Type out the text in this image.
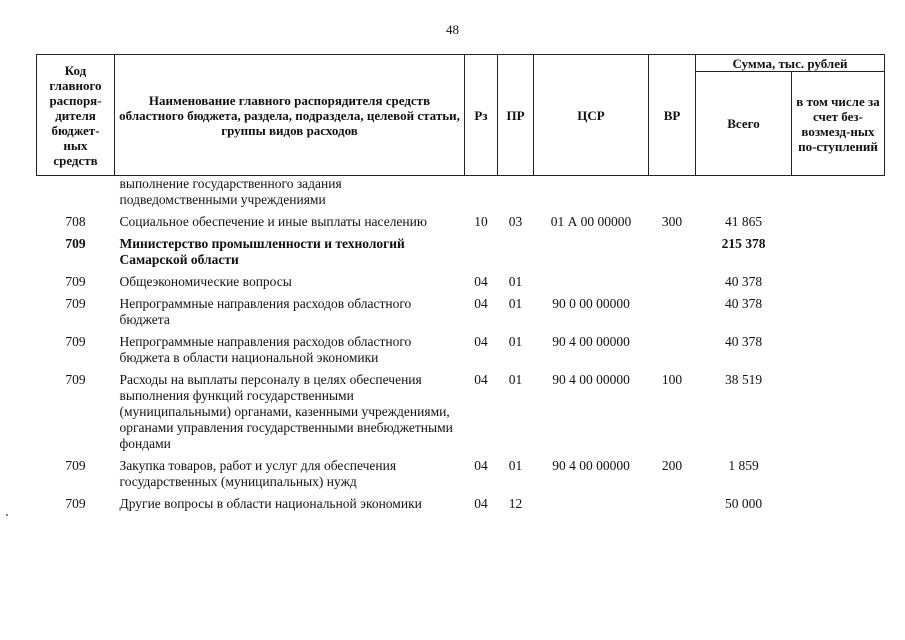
48
Код главного распоря-дителя бюджет-ных средств	Наименование главного распорядителя средств областного бюджета, раздела, подраздела, целевой статьи, группы видов расходов	Рз	ПР	ЦСР	ВР	Сумма, тыс. рублей	
						Всего	в том числе за счет без-возмезд-ных по-ступлений
	выполнение государственного задания подведомственными учреждениями						
708	Социальное обеспечение и иные выплаты населению	10	03	01 А 00 00000	300	41 865	
709	Министерство промышленности и технологий Самарской области					215 378	
709	Общеэкономические вопросы	04	01			40 378	
709	Непрограммные направления расходов областного бюджета	04	01	90 0 00 00000		40 378	
709	Непрограммные направления расходов областного бюджета в области национальной экономики	04	01	90 4 00 00000		40 378	
709	Расходы на выплаты персоналу в целях обеспечения выполнения функций государственными (муниципальными) органами, казенными учреждениями, органами управления государственными внебюджетными фондами	04	01	90 4 00 00000	100	38 519	
709	Закупка товаров, работ и услуг для обеспечения государственных (муниципальных) нужд	04	01	90 4 00 00000	200	1 859	
709	Другие вопросы в области национальной экономики	04	12			50 000	
